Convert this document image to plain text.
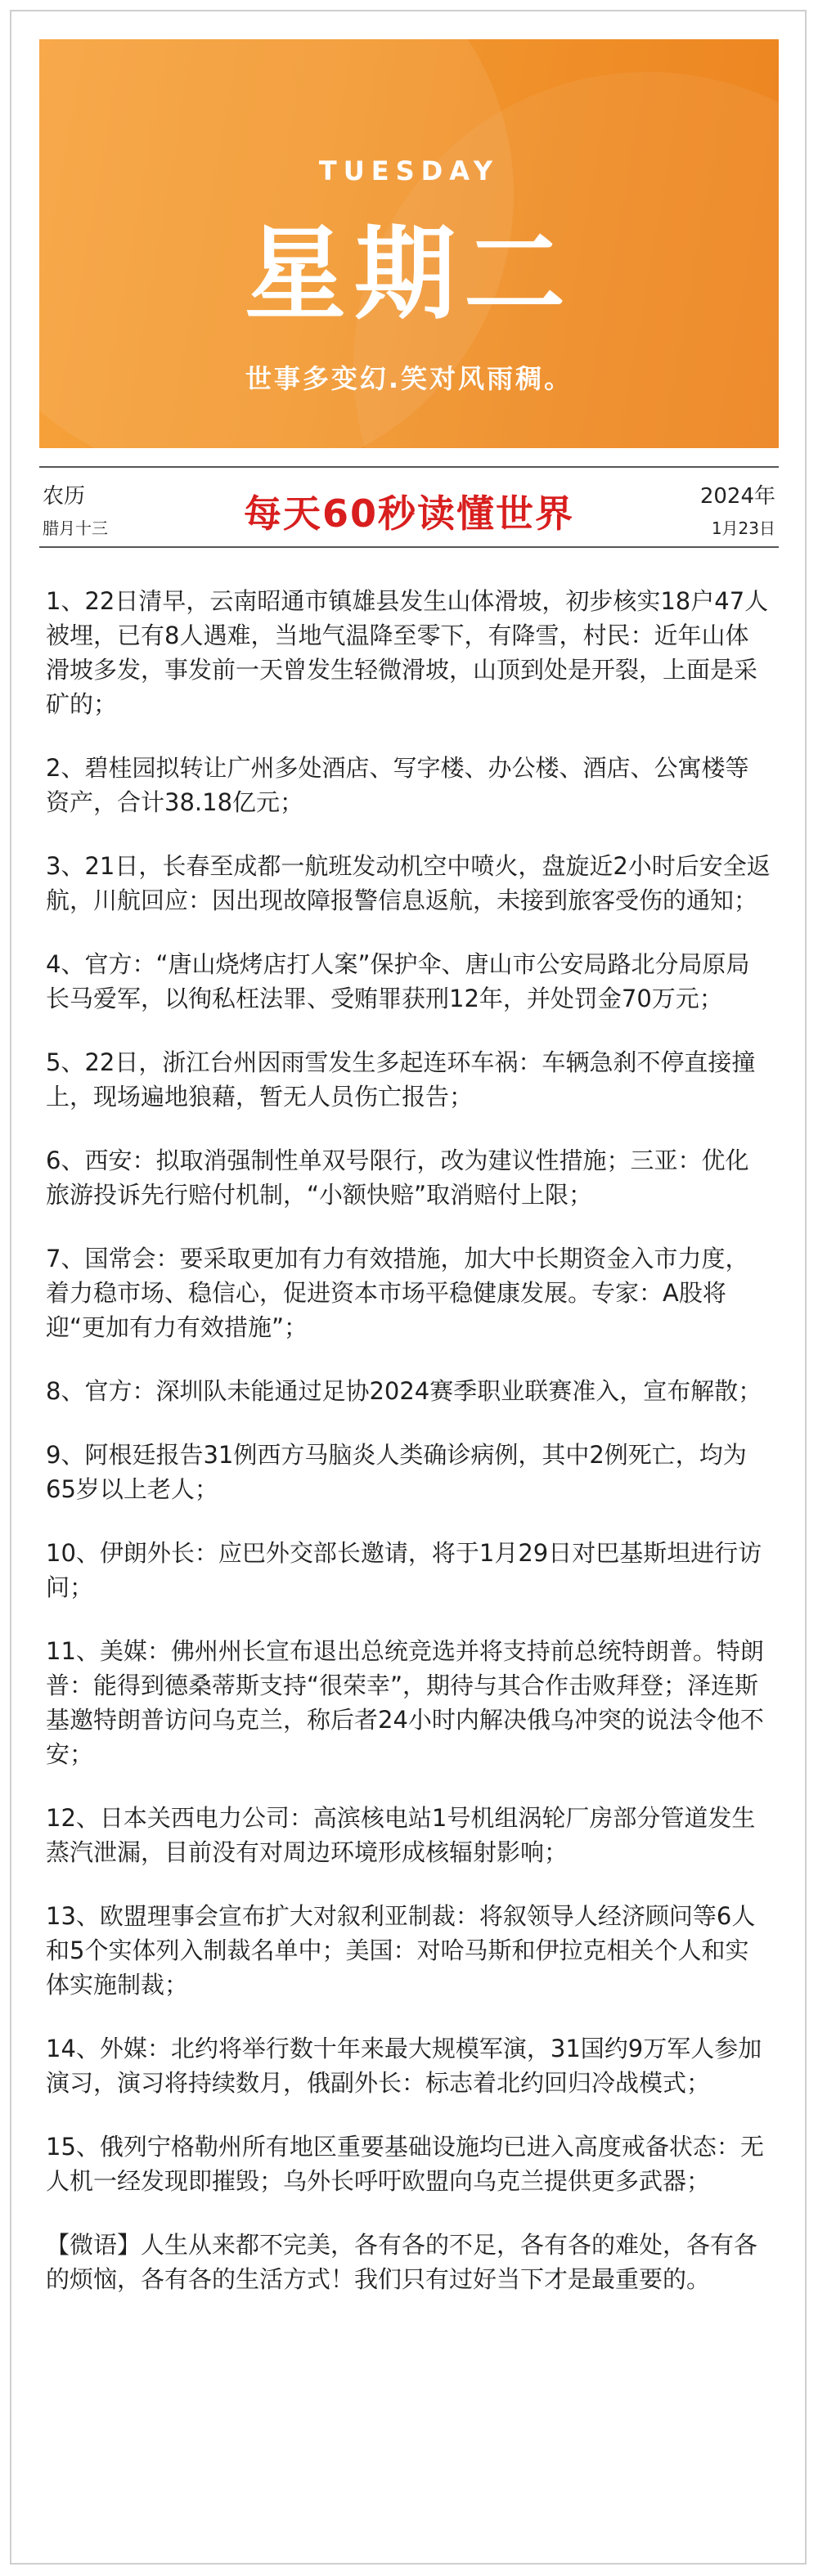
TUESDAY
星期二
世事多变幻.笑对风雨稠。
农历
腊月十三	每天60秒读懂世界	2024年
1月23日
1、22日清早，云南昭通市镇雄县发生山体滑坡，初步核实18户47人被埋，已有8人遇难，当地气温降至零下，有降雪，村民：近年山体滑坡多发，事发前一天曾发生轻微滑坡，山顶到处是开裂，上面是采矿的；
2、碧桂园拟转让广州多处酒店、写字楼、办公楼、酒店、公寓楼等资产，合计38.18亿元；
3、21日，长春至成都一航班发动机空中喷火，盘旋近2小时后安全返航，川航回应：因出现故障报警信息返航，未接到旅客受伤的通知；
4、官方：“唐山烧烤店打人案”保护伞、唐山市公安局路北分局原局长马爱军，以徇私枉法罪、受贿罪获刑12年，并处罚金70万元；
5、22日，浙江台州因雨雪发生多起连环车祸：车辆急刹不停直接撞上，现场遍地狼藉，暂无人员伤亡报告；
6、西安：拟取消强制性单双号限行，改为建议性措施；三亚：优化旅游投诉先行赔付机制，“小额快赔”取消赔付上限；
7、国常会：要采取更加有力有效措施，加大中长期资金入市力度，着力稳市场、稳信心，促进资本市场平稳健康发展。专家：A股将迎“更加有力有效措施”；
8、官方：深圳队未能通过足协2024赛季职业联赛准入，宣布解散；
9、阿根廷报告31例西方马脑炎人类确诊病例，其中2例死亡，均为65岁以上老人；
10、伊朗外长：应巴外交部长邀请，将于1月29日对巴基斯坦进行访问；
11、美媒：佛州州长宣布退出总统竞选并将支持前总统特朗普。特朗普：能得到德桑蒂斯支持“很荣幸”，期待与其合作击败拜登；泽连斯基邀特朗普访问乌克兰，称后者24小时内解决俄乌冲突的说法令他不安；
12、日本关西电力公司：高滨核电站1号机组涡轮厂房部分管道发生蒸汽泄漏，目前没有对周边环境形成核辐射影响；
13、欧盟理事会宣布扩大对叙利亚制裁：将叙领导人经济顾问等6人和5个实体列入制裁名单中；美国：对哈马斯和伊拉克相关个人和实体实施制裁；
14、外媒：北约将举行数十年来最大规模军演，31国约9万军人参加演习，演习将持续数月，俄副外长：标志着北约回归冷战模式；
15、俄列宁格勒州所有地区重要基础设施均已进入高度戒备状态：无人机一经发现即摧毁；乌外长呼吁欧盟向乌克兰提供更多武器；
【微语】人生从来都不完美，各有各的不足，各有各的难处，各有各的烦恼，各有各的生活方式！我们只有过好当下才是最重要的。
